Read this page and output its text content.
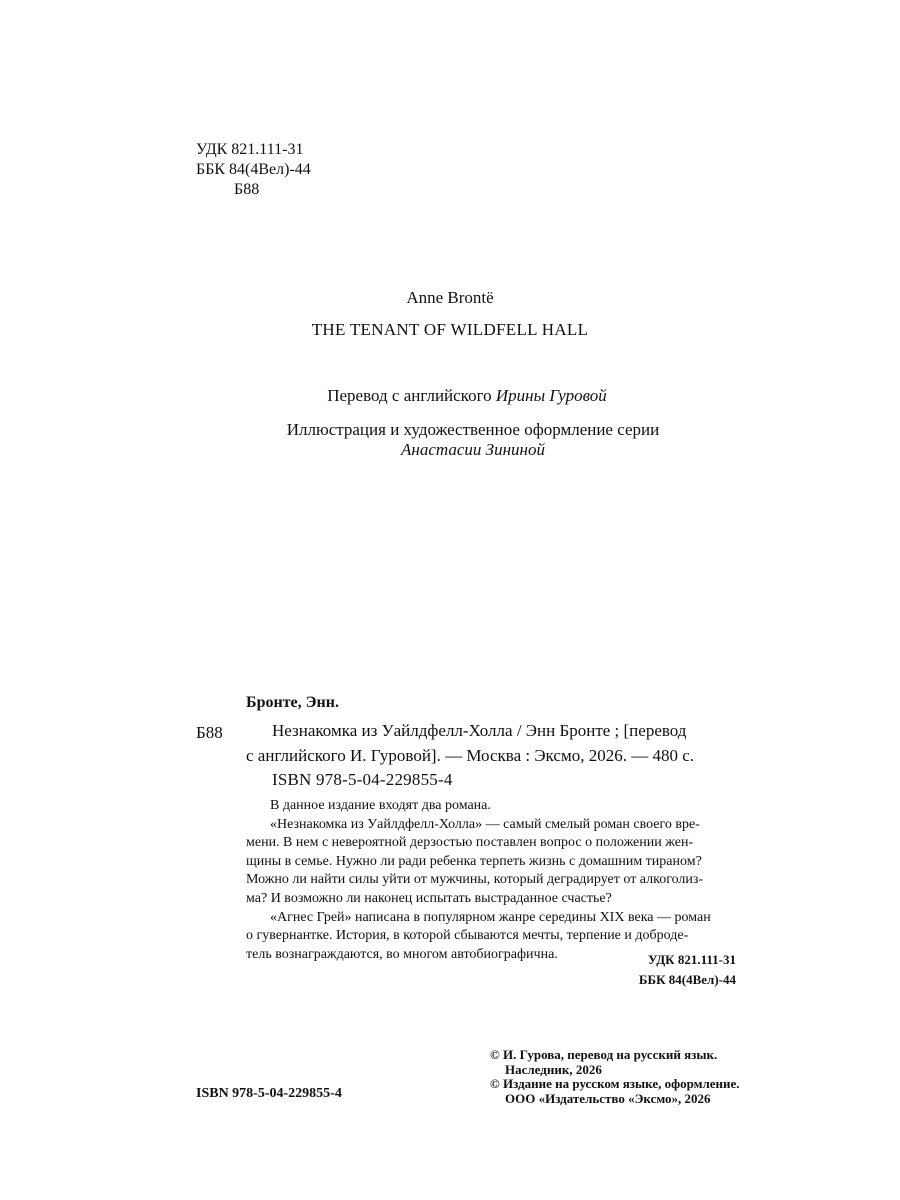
УДК 821.111-31
ББК 84(4Вел)-44
Б88
Anne Brontë
THE TENANT OF WILDFELL HALL
Перевод с английского Ирины Гуровой
Иллюстрация и художественное оформление серии
Анастасии Зининой
Бронте, Энн.
Б88	Незнакомка из Уайлдфелл-Холла / Энн Бронте ; [перевод
с английского И. Гуровой]. — Москва : Эксмо, 2026. — 480 с.
ISBN 978-5-04-229855-4

В данное издание входят два романа.

«Незнакомка из Уайлдфелл-Холла» — самый смелый роман своего вре-
мени. В нем с невероятной дерзостью поставлен вопрос о положении жен-
щины в семье. Нужно ли ради ребенка терпеть жизнь с домашним тираном?
Можно ли найти силы уйти от мужчины, который деградирует от алкоголиз-
ма? И возможно ли наконец испытать выстраданное счастье?
«Агнес Грей» написана в популярном жанре середины XIX века — роман
о гувернантке. История, в которой сбываются мечты, терпение и доброде-
тель вознаграждаются, во многом автобиографична.	УДК 821.111-31
ББК 84(4Вел)-44
ISBN 978-5-04-229855-4
© И. Гурова, перевод на русский язык.
Наследник, 2026
© Издание на русском языке, оформление.
ООО «Издательство «Эксмо», 2026
